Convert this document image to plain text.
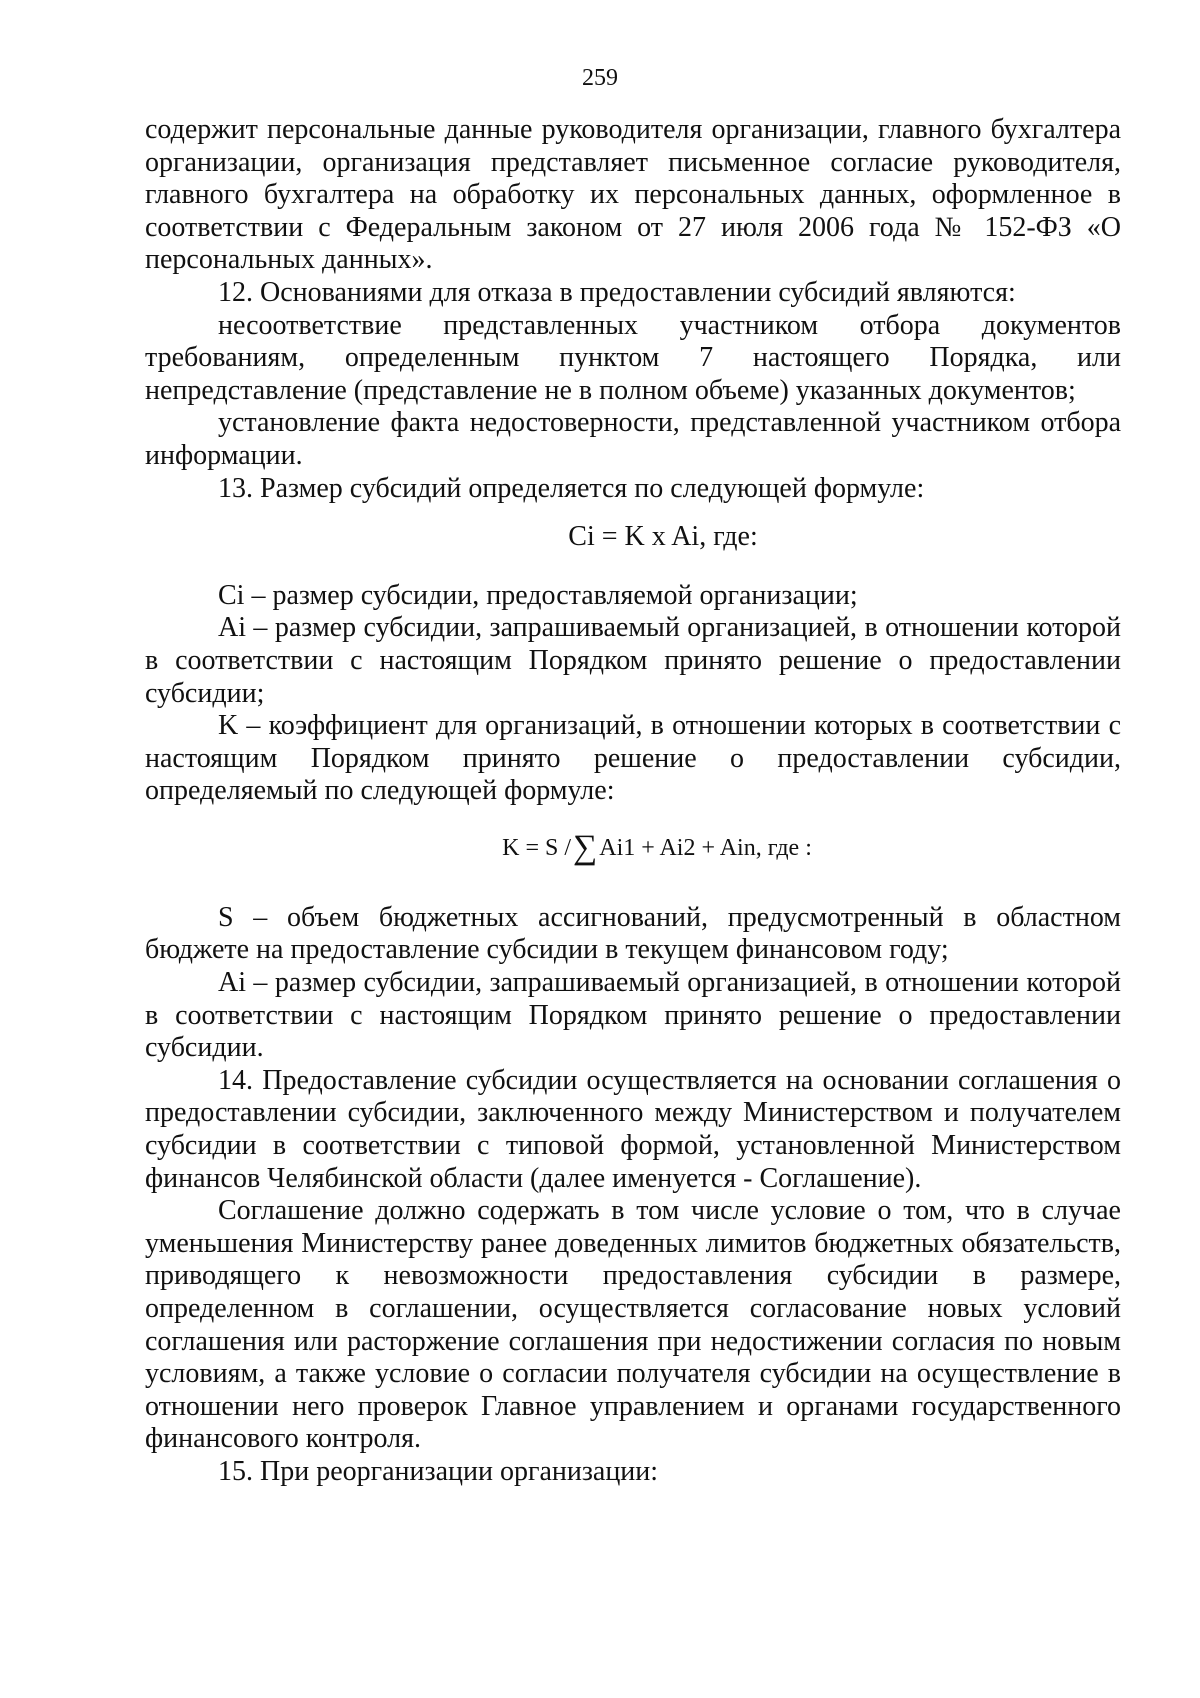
259

содержит персональные данные руководителя организации, главного бухгалтера организации, организация представляет письменное согласие руководителя, главного бухгалтера на обработку их персональных данных, оформленное в соответствии с Федеральным законом от 27 июля 2006 года № 152-ФЗ «О персональных данных».

12. Основаниями для отказа в предоставлении субсидий являются:

несоответствие представленных участником отбора документов требованиям, определенным пунктом 7 настоящего Порядка, или непредставление (представление не в полном объеме) указанных документов;

установление факта недостоверности, представленной участником отбора информации.

13. Размер субсидий определяется по следующей формуле:

Ci = K x Ai, где:

Ci – размер субсидии, предоставляемой организации;

Ai – размер субсидии, запрашиваемый организацией, в отношении которой в соответствии с настоящим Порядком принято решение о предоставлении субсидии;

K – коэффициент для организаций, в отношении которых в соответствии с настоящим Порядком принято решение о предоставлении субсидии, определяемый по следующей формуле:

K = S /∑Ai1 + Ai2 + Ain, где :

S – объем бюджетных ассигнований, предусмотренный в областном бюджете на предоставление субсидии в текущем финансовом году;

Ai – размер субсидии, запрашиваемый организацией, в отношении которой в соответствии с настоящим Порядком принято решение о предоставлении субсидии.

14. Предоставление субсидии осуществляется на основании соглашения о предоставлении субсидии, заключенного между Министерством и получателем субсидии в соответствии с типовой формой, установленной Министерством финансов Челябинской области (далее именуется - Соглашение).

Соглашение должно содержать в том числе условие о том, что в случае уменьшения Министерству ранее доведенных лимитов бюджетных обязательств, приводящего к невозможности предоставления субсидии в размере, определенном в соглашении, осуществляется согласование новых условий соглашения или расторжение соглашения при недостижении согласия по новым условиям, а также условие о согласии получателя субсидии на осуществление в отношении него проверок Главное управлением и органами государственного финансового контроля.

15. При реорганизации организации:
